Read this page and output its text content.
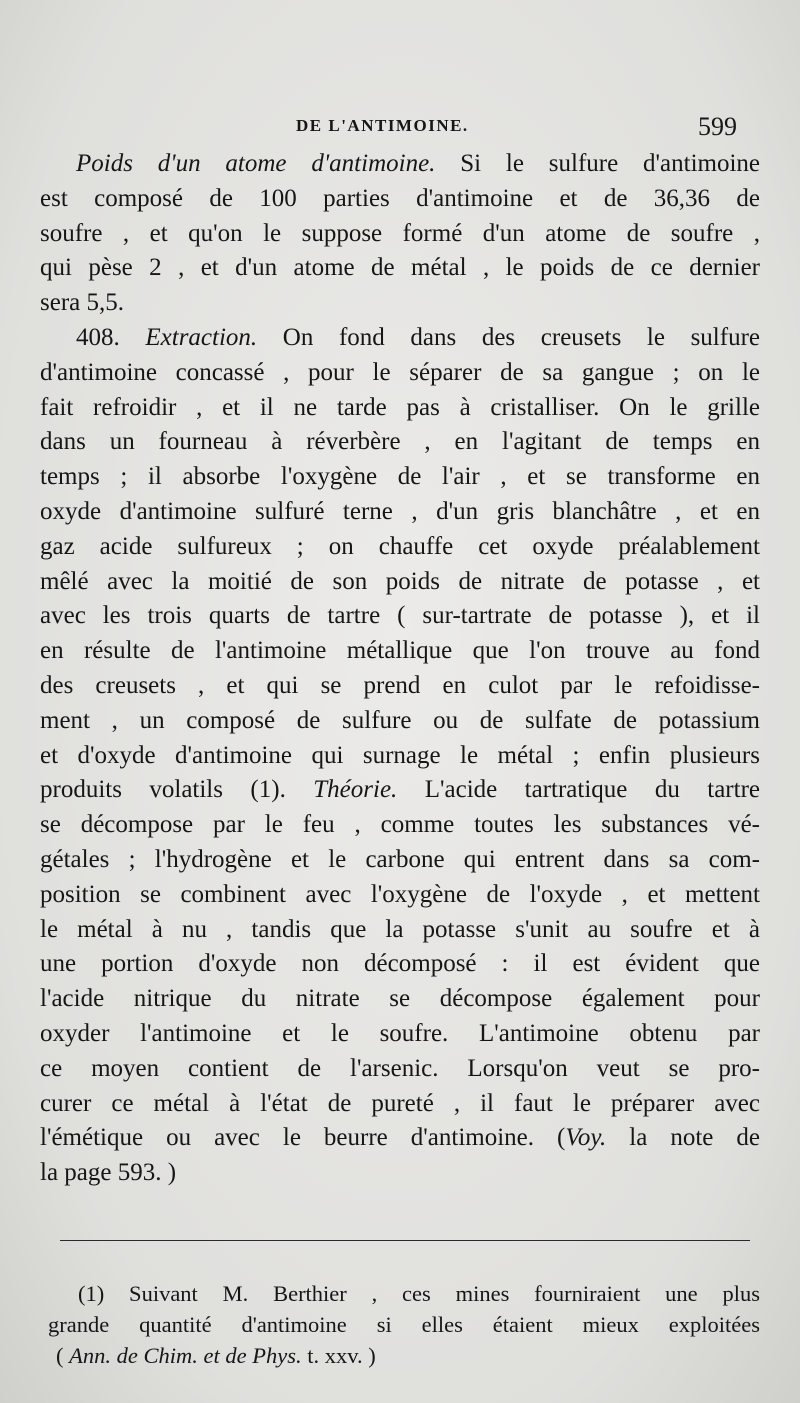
DE L'ANTIMOINE.	599
Poids d'un atome d'antimoine. Si le sulfure d'antimoine
est composé de 100 parties d'antimoine et de 36,36 de
soufre , et qu'on le suppose formé d'un atome de soufre ,
qui pèse 2 , et d'un atome de métal , le poids de ce dernier
sera 5,5.
408. Extraction. On fond dans des creusets le sulfure
d'antimoine concassé , pour le séparer de sa gangue ; on le
fait refroidir , et il ne tarde pas à cristalliser. On le grille
dans un fourneau à réverbère , en l'agitant de temps en
temps ; il absorbe l'oxygène de l'air , et se transforme en
oxyde d'antimoine sulfuré terne , d'un gris blanchâtre , et en
gaz acide sulfureux ; on chauffe cet oxyde préalablement
mêlé avec la moitié de son poids de nitrate de potasse , et
avec les trois quarts de tartre ( sur-tartrate de potasse ), et il
en résulte de l'antimoine métallique que l'on trouve au fond
des creusets , et qui se prend en culot par le refoidisse-
ment , un composé de sulfure ou de sulfate de potassium
et d'oxyde d'antimoine qui surnage le métal ; enfin plusieurs
produits volatils (1). Théorie. L'acide tartratique du tartre
se décompose par le feu , comme toutes les substances vé-
gétales ; l'hydrogène et le carbone qui entrent dans sa com-
position se combinent avec l'oxygène de l'oxyde , et mettent
le métal à nu , tandis que la potasse s'unit au soufre et à
une portion d'oxyde non décomposé : il est évident que
l'acide nitrique du nitrate se décompose également pour
oxyder l'antimoine et le soufre. L'antimoine obtenu par
ce moyen contient de l'arsenic. Lorsqu'on veut se pro-
curer ce métal à l'état de pureté , il faut le préparer avec
l'émétique ou avec le beurre d'antimoine. (Voy. la note de
la page 593. )
(1) Suivant M. Berthier , ces mines fourniraient une plus
grande quantité d'antimoine si elles étaient mieux exploitées
( Ann. de Chim. et de Phys. t. xxv. )
